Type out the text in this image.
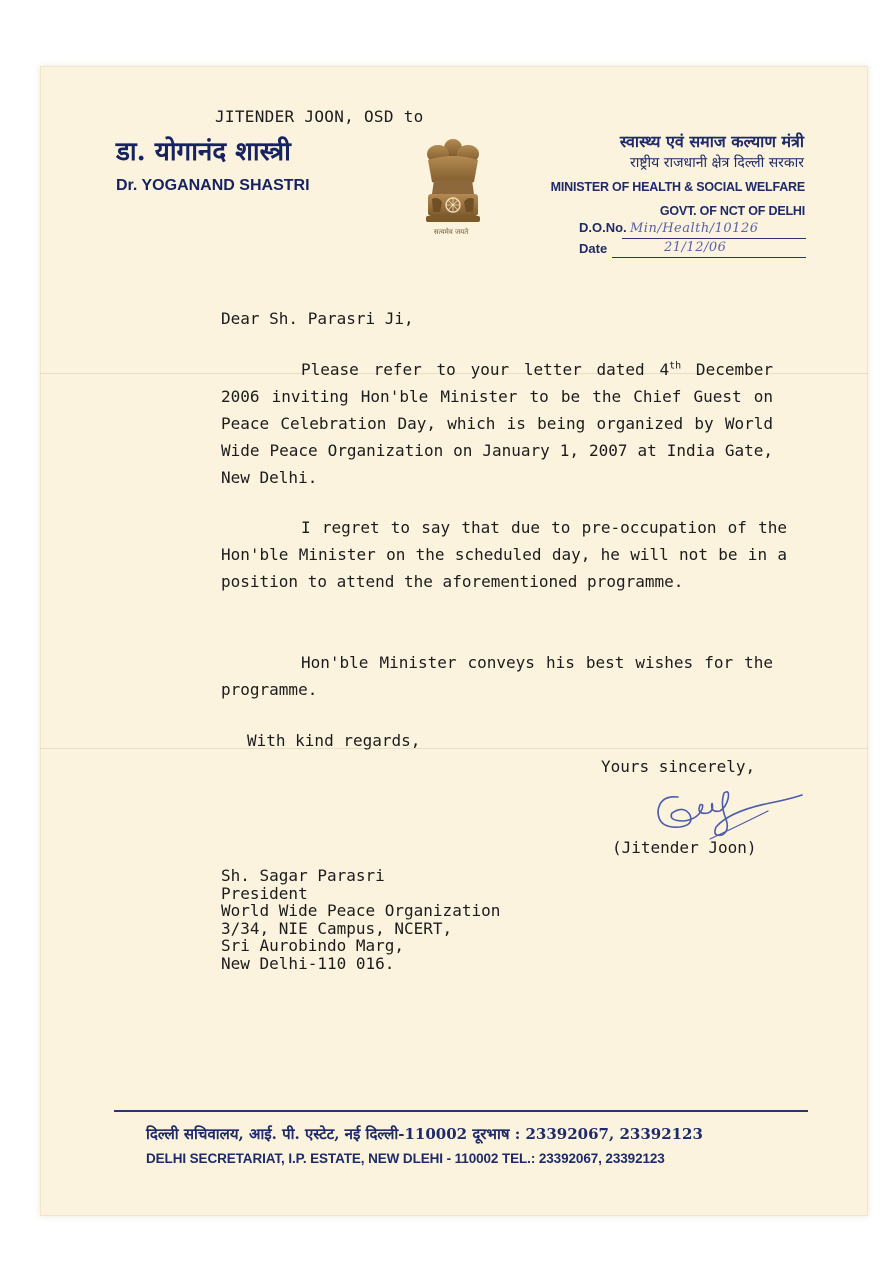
JITENDER JOON, OSD to
डा. योगानंद शास्त्री
Dr. YOGANAND SHASTRI
सत्यमेव जयते
स्वास्थ्य एवं समाज कल्याण मंत्री
राष्ट्रीय राजधानी क्षेत्र दिल्ली सरकार
MINISTER OF HEALTH & SOCIAL WELFARE
GOVT. OF NCT OF DELHI
D.O.No. Min/Health/10126
Date	21/12/06
Dear Sh. Parasri Ji,

Please refer to your letter dated 4th December 2006 inviting Hon'ble Minister to be the Chief Guest on Peace Celebration Day, which is being organized by World Wide Peace Organization on January 1, 2007 at India Gate, New Delhi.

I regret to say that due to pre-occupation of the Hon'ble Minister on the scheduled day, he will not be in a position to attend the aforementioned programme.

Hon'ble Minister conveys his best wishes for the programme.

With kind regards,
Yours sincerely,
(Jitender Joon)
Sh. Sagar Parasri
President
World Wide Peace Organization
3/34, NIE Campus, NCERT,
Sri Aurobindo Marg,
New Delhi-110 016.
दिल्ली सचिवालय, आई. पी. एस्टेट, नई दिल्ली-110002 दूरभाष : 23392067, 23392123
DELHI SECRETARIAT, I.P. ESTATE, NEW DLEHI - 110002 TEL.: 23392067, 23392123
